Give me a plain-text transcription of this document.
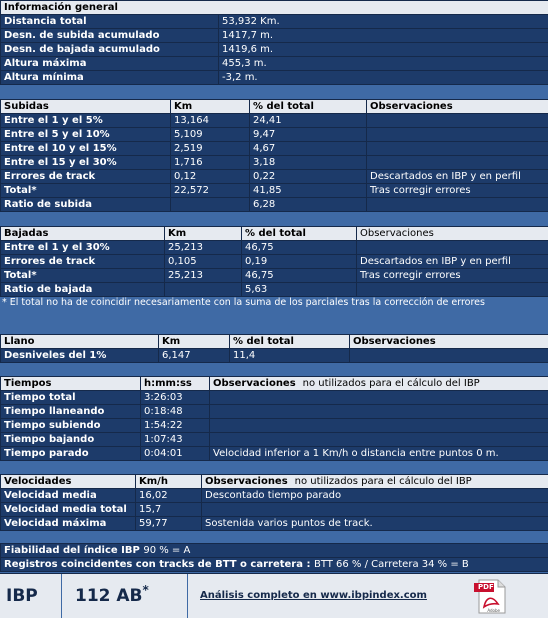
Información general	
Distancia total	53,932 Km.
Desn. de subida acumulado	1417,7 m.
Desn. de bajada acumulado	1419,6 m.
Altura máxima	455,3 m.
Altura mínima	-3,2 m.
Subidas	Km	% del total	Observaciones
Entre el 1 y el 5%	13,164	24,41	
Entre el 5 y el 10%	5,109	9,47	
Entre el 10 y el 15%	2,519	4,67	
Entre el 15 y el 30%	1,716	3,18	
Errores de track	0,12	0,22	Descartados en IBP y en perfil
Total*	22,572	41,85	Tras corregir errores
Ratio de subida		6,28	
Bajadas	Km	% del total	Observaciones
Entre el 1 y el 30%	25,213	46,75	
Errores de track	0,105	0,19	Descartados en IBP y en perfil
Total*	25,213	46,75	Tras corregir errores
Ratio de bajada		5,63	
* El total no ha de coincidir necesariamente con la suma de los parciales tras la corrección de errores
Llano	Km	% del total	Observaciones
Desniveles del 1%	6,147	11,4	
Tiempos	h:mm:ss	Observaciones no utilizados para el cálculo del IBP
Tiempo total	3:26:03	
Tiempo llaneando	0:18:48	
Tiempo subiendo	1:54:22	
Tiempo bajando	1:07:43	
Tiempo parado	0:04:01	Velocidad inferior a 1 Km/h o distancia entre puntos 0 m.
Velocidades	Km/h	Observaciones no utilizados para el cálculo del IBP
Velocidad media	16,02	Descontado tiempo parado
Velocidad media total	15,7	
Velocidad máxima	59,77	Sostenida varios puntos de track.
Fiabilidad del índice IBP 90 % = A
Registros coincidentes con tracks de BTT o carretera : BTT 66 % / Carretera 34 % = B
IBP	112 AB*	Análisis completo en www.ibpindex.com
Adobe
PDF
